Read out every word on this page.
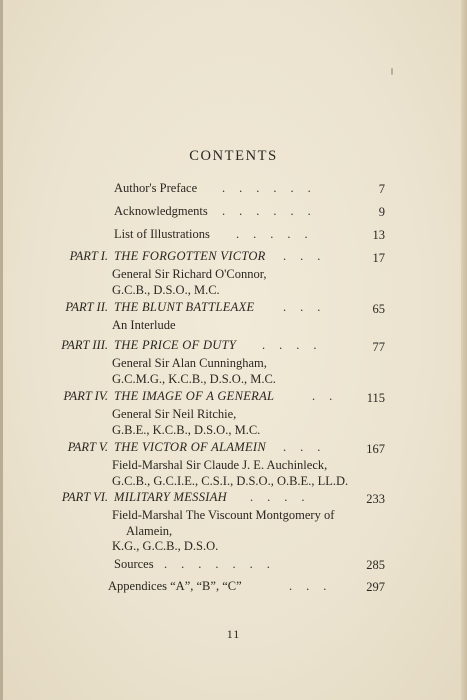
CONTENTS
Author's Preface ......	7
Acknowledgments ......	9
List of Illustrations .....	13
PART I. THE FORGOTTEN VICTOR ...	17
General Sir Richard O'Connor,
G.C.B., D.S.O., M.C.
PART II. THE BLUNT BATTLEAXE ...	65
An Interlude
PART III. THE PRICE OF DUTY ....	77
General Sir Alan Cunningham,
G.C.M.G., K.C.B., D.S.O., M.C.
PART IV. THE IMAGE OF A GENERAL	.. 115
General Sir Neil Ritchie,
G.B.E., K.C.B., D.S.O., M.C.
PART V. THE VICTOR OF ALAMEIN ...	167
Field-Marshal Sir Claude J. E. Auchinleck,
G.C.B., G.C.I.E., C.S.I., D.S.O., O.B.E., LL.D.
PART VI. MILITARY MESSIAH ....	233
Field-Marshal The Viscount Montgomery of
Alamein,
K.G., G.C.B., D.S.O.
Sources .......	285
Appendices “A”, “B”, “C”	... 297
11
